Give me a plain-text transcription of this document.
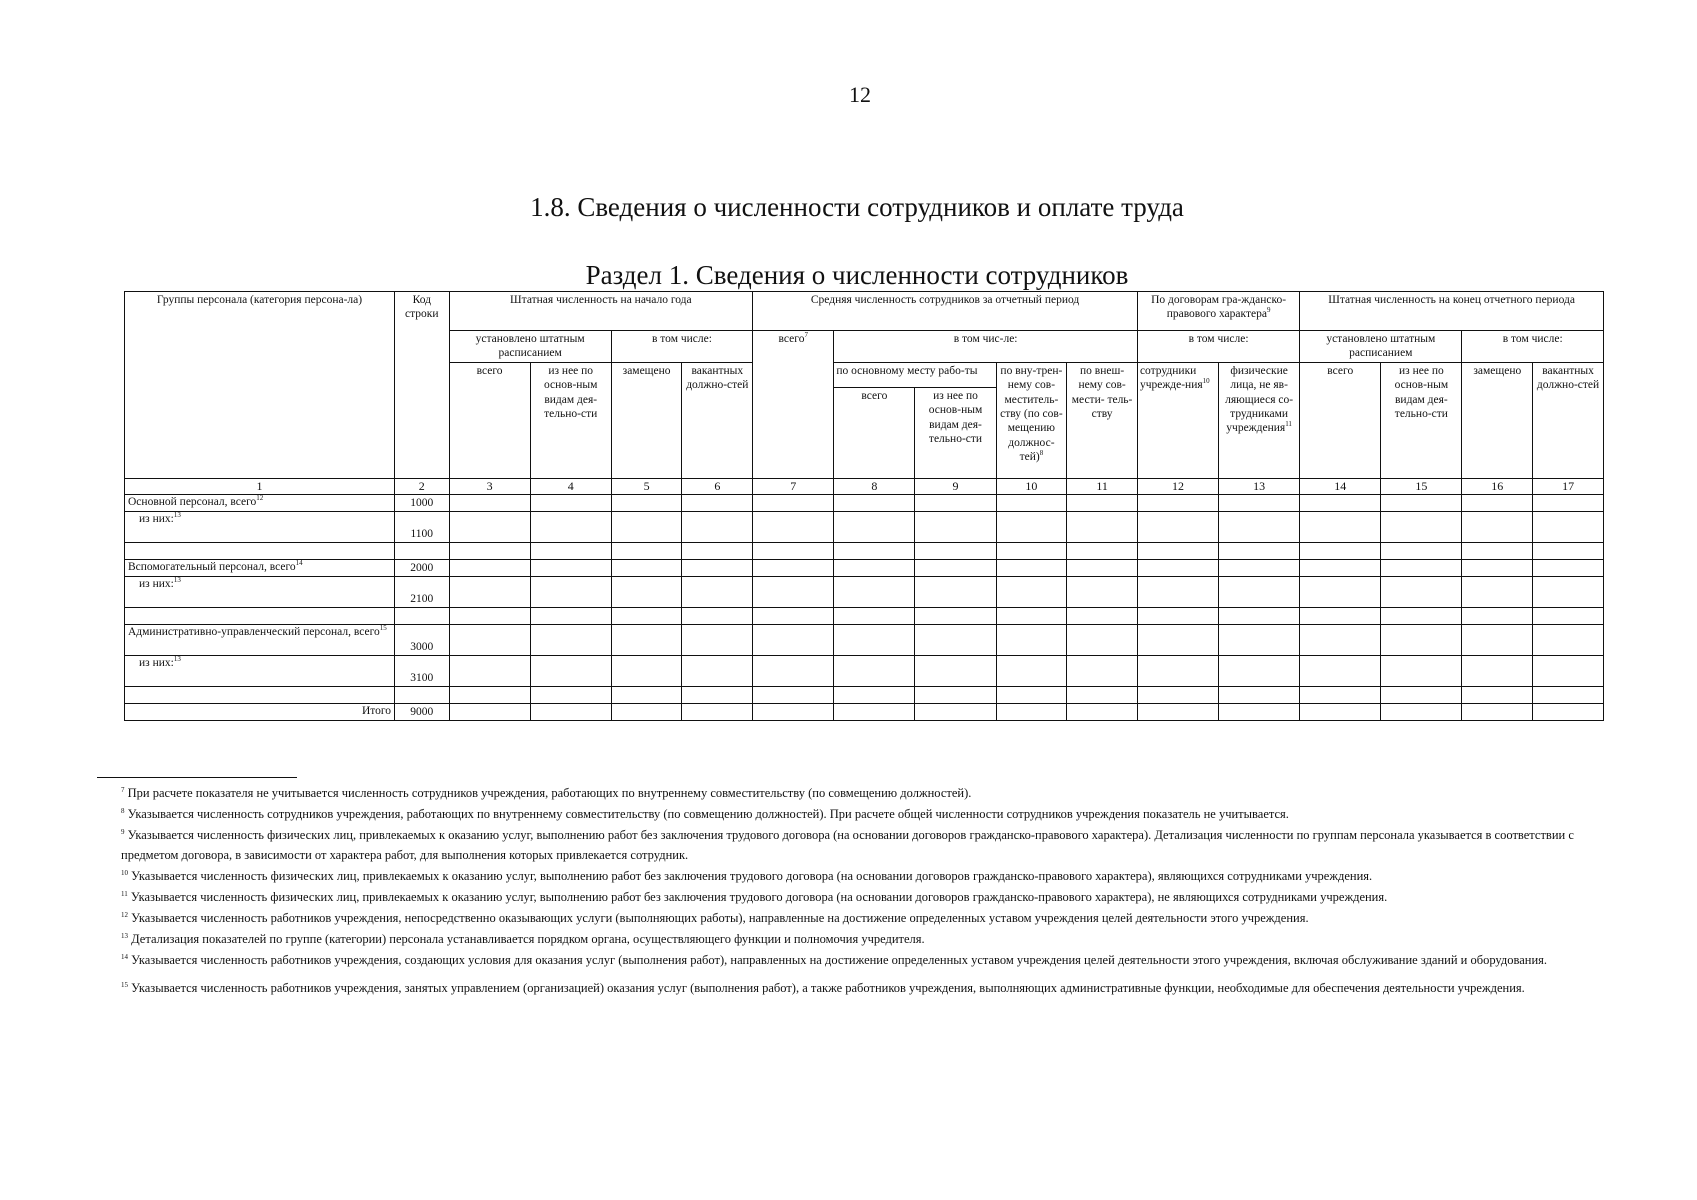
12
1.8. Сведения о численности сотрудников и оплате труда
Раздел 1. Сведения о численности сотрудников
Группы персонала (категория персона-ла)	Код строки	Штатная численность на начало года				Средняя численность сотрудников за отчетный период					По договорам гра-жданско-правового характера$^9$		Штатная численность на конец отчетного периода			
		установлено штатным расписанием		в том числе:		всего$^7$	в том чис-ле:				в том числе:		установлено штатным расписанием		в том числе:	
		всего	из нее по основ-ным видам дея- тельно-сти	замещено	вакантных должно-стей		по основному месту рабо-ты		по вну-трен-нему сов-меститель-ству (по сов-мещению должнос-тей)$^8$	по внеш-нему сов-мести- тель- ству	сотрудники учрежде-ния$^{10}$	физические лица, не яв-ляющиеся со-трудниками учреждения$^{11}$	всего	из нее по основ-ным видам дея- тельно-сти	замещено	вакантных должно-стей
							всего	из нее по основ-ным видам дея- тельно-сти								
1	2	3	4	5	6	7	8	9	10	11	12	13	14	15	16	17
Основной персонал, всего$^{12}$	1000															
из них:$^{13}$	1100															

Вспомогательный персонал, всего$^{14}$	2000															
из них:$^{13}$	2100															

Административно-управленческий персонал, всего$^{15}$	3000															
из них:$^{13}$	3100															

Итого	9000															

$^7$ При расчете показателя не учитывается численность сотрудников учреждения, работающих по внутреннему совместительству (по совмещению должностей).

$^8$ Указывается численность сотрудников учреждения, работающих по внутреннему совместительству (по совмещению должностей). При расчете общей численности сотрудников учреждения показатель не учитывается.

$^9$ Указывается численность физических лиц, привлекаемых к оказанию услуг, выполнению работ без заключения трудового договора (на основании договоров гражданско-правового характера). Детализация численности по группам персонала указывается в соответствии с предметом договора, в зависимости от характера работ, для выполнения которых привлекается сотрудник.

$^{10}$ Указывается численность физических лиц, привлекаемых к оказанию услуг, выполнению работ без заключения трудового договора (на основании договоров гражданско-правового характера), являющихся сотрудниками учреждения.

$^{11}$ Указывается численность физических лиц, привлекаемых к оказанию услуг, выполнению работ без заключения трудового договора (на основании договоров гражданско-правового характера), не являющихся сотрудниками учреждения.

$^{12}$ Указывается численность работников учреждения, непосредственно оказывающих услуги (выполняющих работы), направленные на достижение определенных уставом учреждения целей деятельности этого учреждения.

$^{13}$ Детализация показателей по группе (категории) персонала устанавливается порядком органа, осуществляющего функции и полномочия учредителя.

$^{14}$ Указывается численность работников учреждения, создающих условия для оказания услуг (выполнения работ), направленных на достижение определенных уставом учреждения целей деятельности этого учреждения, включая обслуживание зданий и оборудования.

$^{15}$ Указывается численность работников учреждения, занятых управлением (организацией) оказания услуг (выполнения работ), а также работников учреждения, выполняющих административные функции, необходимые для обеспечения деятельности учреждения.
